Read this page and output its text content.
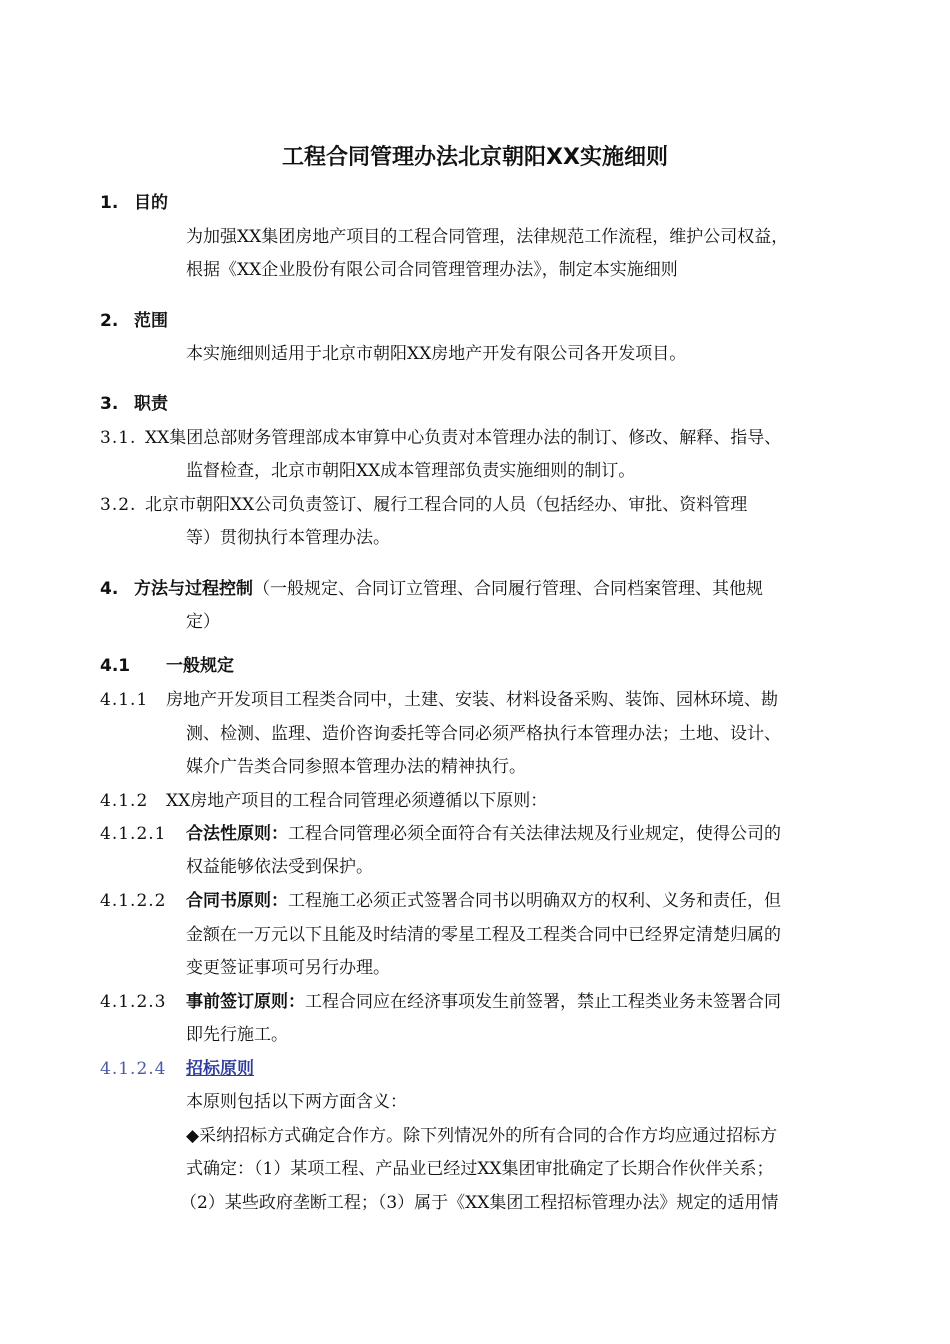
工程合同管理办法北京朝阳XX实施细则
1. 目的
为加强XX集团房地产项目的工程合同管理，法律规范工作流程，维护公司权益，
根据《XX企业股份有限公司合同管理管理办法》，制定本实施细则
2. 范围
本实施细则适用于北京市朝阳XX房地产开发有限公司各开发项目。
3. 职责
3.1. XX集团总部财务管理部成本审算中心负责对本管理办法的制订、修改、解释、指导、
监督检查，北京市朝阳XX成本管理部负责实施细则的制订。
3.2. 北京市朝阳XX公司负责签订、履行工程合同的人员（包括经办、审批、资料管理
等）贯彻执行本管理办法。
4. 方法与过程控制（一般规定、合同订立管理、合同履行管理、合同档案管理、其他规
定）
4.1 一般规定
4.1.1 房地产开发项目工程类合同中，土建、安装、材料设备采购、装饰、园林环境、勘
测、检测、监理、造价咨询委托等合同必须严格执行本管理办法；土地、设计、
媒介广告类合同参照本管理办法的精神执行。
4.1.2 XX房地产项目的工程合同管理必须遵循以下原则：
4.1.2.1 合法性原则：工程合同管理必须全面符合有关法律法规及行业规定，使得公司的
权益能够依法受到保护。
4.1.2.2 合同书原则：工程施工必须正式签署合同书以明确双方的权利、义务和责任，但
金额在一万元以下且能及时结清的零星工程及工程类合同中已经界定清楚归属的
变更签证事项可另行办理。
4.1.2.3 事前签订原则：工程合同应在经济事项发生前签署，禁止工程类业务未签署合同
即先行施工。
4.1.2.4 招标原则
本原则包括以下两方面含义：
◆采纳招标方式确定合作方。除下列情况外的所有合同的合作方均应通过招标方
式确定：（1）某项工程、产品业已经过XX集团审批确定了长期合作伙伴关系；
（2）某些政府垄断工程；（3）属于《XX集团工程招标管理办法》规定的适用情
